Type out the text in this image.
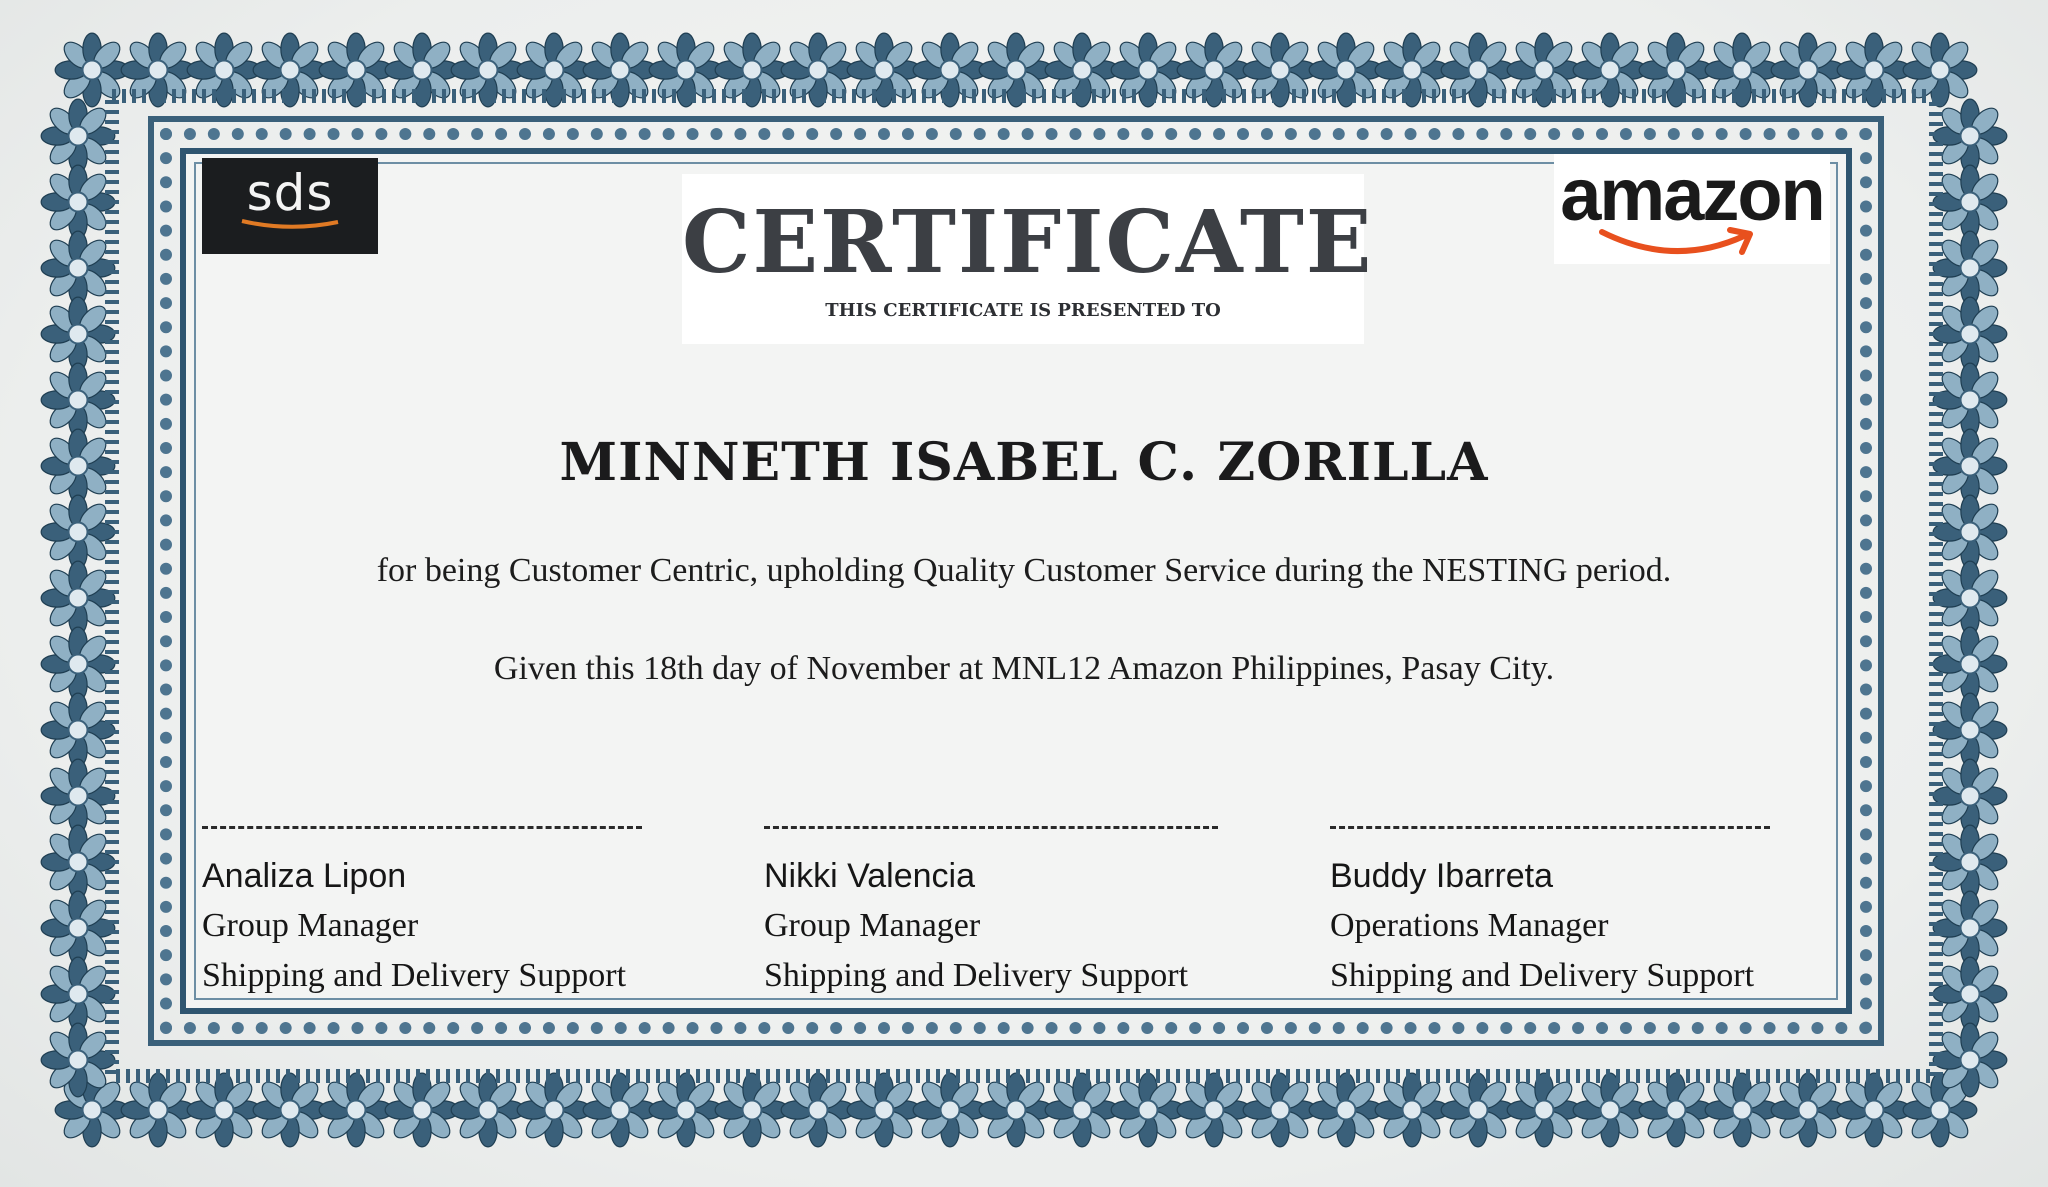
sds	amazon
CERTIFICATE
THIS CERTIFICATE IS PRESENTED TO
MINNETH ISABEL C. ZORILLA
for being Customer Centric, upholding Quality Customer Service during the NESTING period.
Given this 18th day of November at MNL12 Amazon Philippines, Pasay City.
Analiza Lipon
Group Manager
Shipping and Delivery Support
Nikki Valencia
Group Manager
Shipping and Delivery Support
Buddy Ibarreta
Operations Manager
Shipping and Delivery Support
